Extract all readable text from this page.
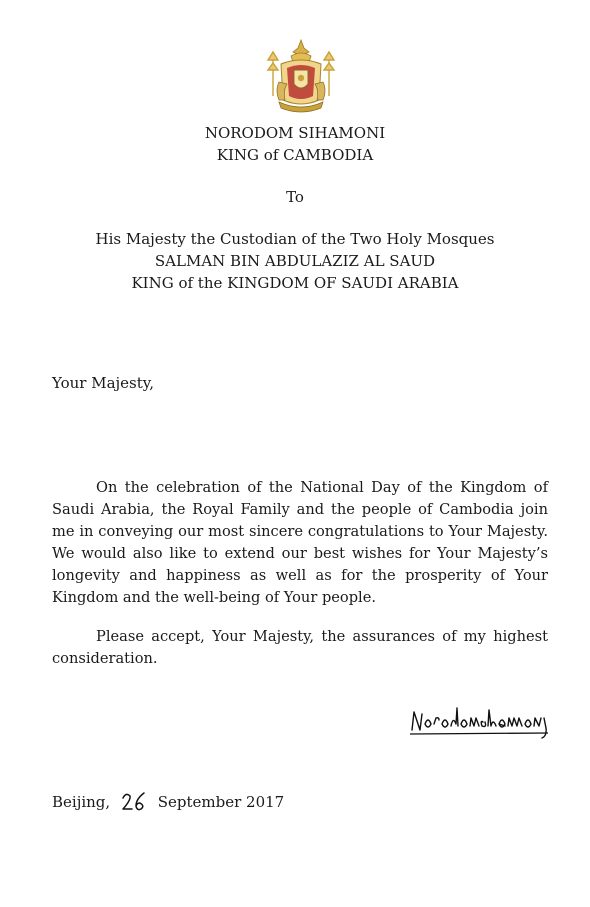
NORODOM SIHAMONI
KING of CAMBODIA
To
His Majesty the Custodian of the Two Holy Mosques
SALMAN BIN ABDULAZIZ AL SAUD
KING of the KINGDOM OF SAUDI ARABIA
Your Majesty,

On the celebration of the National Day of the Kingdom of Saudi Arabia, the Royal Family and the people of Cambodia join me in conveying our most sincere congratulations to Your Majesty. We would also like to extend our best wishes for Your Majesty’s longevity and happiness as well as for the prosperity of Your Kingdom and the well-being of Your people.

Please accept, Your Majesty, the assurances of my highest consideration.

Beijing,	September 2017
